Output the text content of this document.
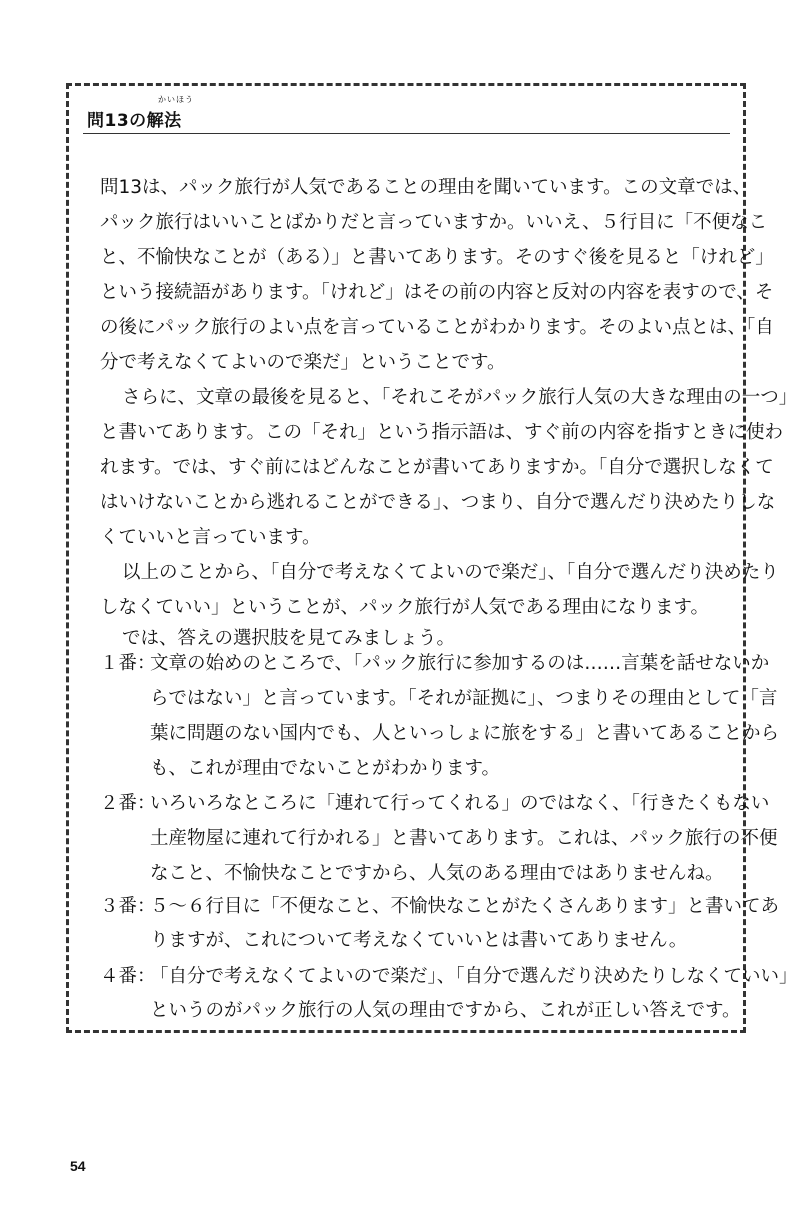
問13の解法
かいほう
問13は、パック旅行が人気であることの理由を聞いています。この文章では、
パック旅行はいいことばかりだと言っていますか。いいえ、５行目に「不便なこ
と、不愉快なことが（ある）」と書いてあります。そのすぐ後を見ると「けれど」
という接続語があります。「けれど」はその前の内容と反対の内容を表すので、そ
の後にパック旅行のよい点を言っていることがわかります。そのよい点とは、「自
分で考えなくてよいので楽だ」ということです。
さらに、文章の最後を見ると、「それこそがパック旅行人気の大きな理由の一つ」
と書いてあります。この「それ」という指示語は、すぐ前の内容を指すときに使わ
れます。では、すぐ前にはどんなことが書いてありますか。「自分で選択しなくて
はいけないことから逃れることができる」、つまり、自分で選んだり決めたりしな
くていいと言っています。
以上のことから、「自分で考えなくてよいので楽だ」、「自分で選んだり決めたり
しなくていい」ということが、パック旅行が人気である理由になります。
では、答えの選択肢を見てみましょう。
１番：
文章の始めのところで、「パック旅行に参加するのは……言葉を話せないか
らではない」と言っています。「それが証拠に」、つまりその理由として「言
葉に問題のない国内でも、人といっしょに旅をする」と書いてあることから
も、これが理由でないことがわかります。
２番：
いろいろなところに「連れて行ってくれる」のではなく、「行きたくもない
土産物屋に連れて行かれる」と書いてあります。これは、パック旅行の不便
なこと、不愉快なことですから、人気のある理由ではありませんね。
３番：
５～６行目に「不便なこと、不愉快なことがたくさんあります」と書いてあ
りますが、これについて考えなくていいとは書いてありません。
４番：
「自分で考えなくてよいので楽だ」、「自分で選んだり決めたりしなくていい」
というのがパック旅行の人気の理由ですから、これが正しい答えです。
54
